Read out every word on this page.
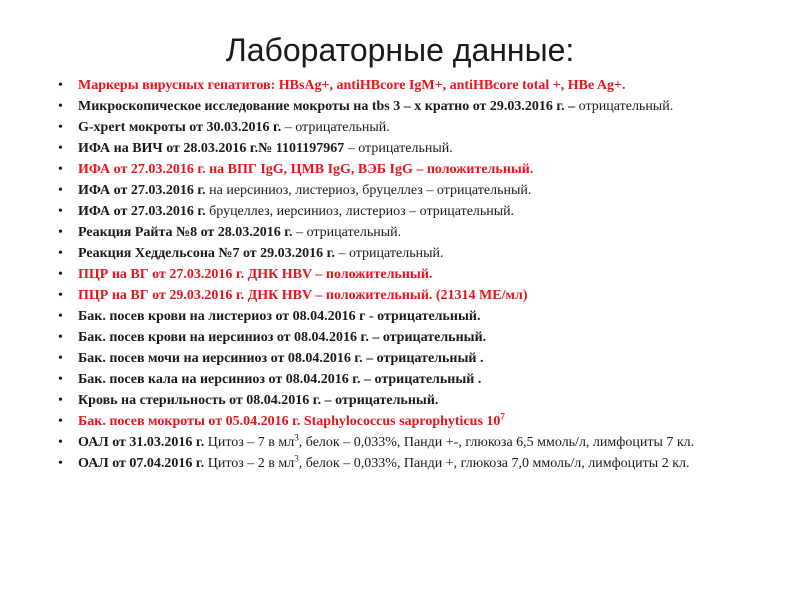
Лабораторные данные:
•	Маркеры вирусных гепатитов: HBsAg+, antiHBcore IgM+, antiHBcore total +, HBe Ag+.
•	Микроскопическое исследование мокроты на tbs 3 – х кратно от 29.03.2016 г. – отрицательный.
•	G-xpert мокроты от 30.03.2016 г. – отрицательный.
•	ИФА на ВИЧ от 28.03.2016 г.№ 1101197967 – отрицательный.
•	ИФА от 27.03.2016 г. на ВПГ IgG, ЦМВ IgG, ВЭБ IgG – положительный.
•	ИФА от 27.03.2016 г. на иерсиниоз, листериоз, бруцеллез – отрицательный.
•	ИФА от 27.03.2016 г. бруцеллез, иерсиниоз, листериоз – отрицательный.
•	Реакция Райта №8 от 28.03.2016 г. – отрицательный.
•	Реакция Хеддельсона №7 от 29.03.2016 г. – отрицательный.
•	ПЦР на ВГ от 27.03.2016 г. ДНК HBV – положительный.
•	ПЦР на ВГ от 29.03.2016 г. ДНК HBV – положительный. (21314 МЕ/мл)
•	Бак. посев крови на листериоз от 08.04.2016 г - отрицательный.
•	Бак. посев крови на иерсиниоз от 08.04.2016 г. – отрицательный.
•	Бак. посев мочи на иерсиниоз от 08.04.2016 г. – отрицательный .
•	Бак. посев кала на иерсиниоз от 08.04.2016 г. – отрицательный .
•	Кровь на стерильность от 08.04.2016 г. – отрицательный.
•	Бак. посев мокроты от 05.04.2016 г. Staphylococcus saprophyticus $10^7$
•	ОАЛ от 31.03.2016 г. Цитоз – 7 в $мл^3$, белок – 0,033%, Панди +-, глюкоза 6,5 ммоль/л, лимфоциты 7 кл.
•	ОАЛ от 07.04.2016 г. Цитоз – 2 в $мл^3$, белок – 0,033%, Панди +, глюкоза 7,0 ммоль/л, лимфоциты 2 кл.
